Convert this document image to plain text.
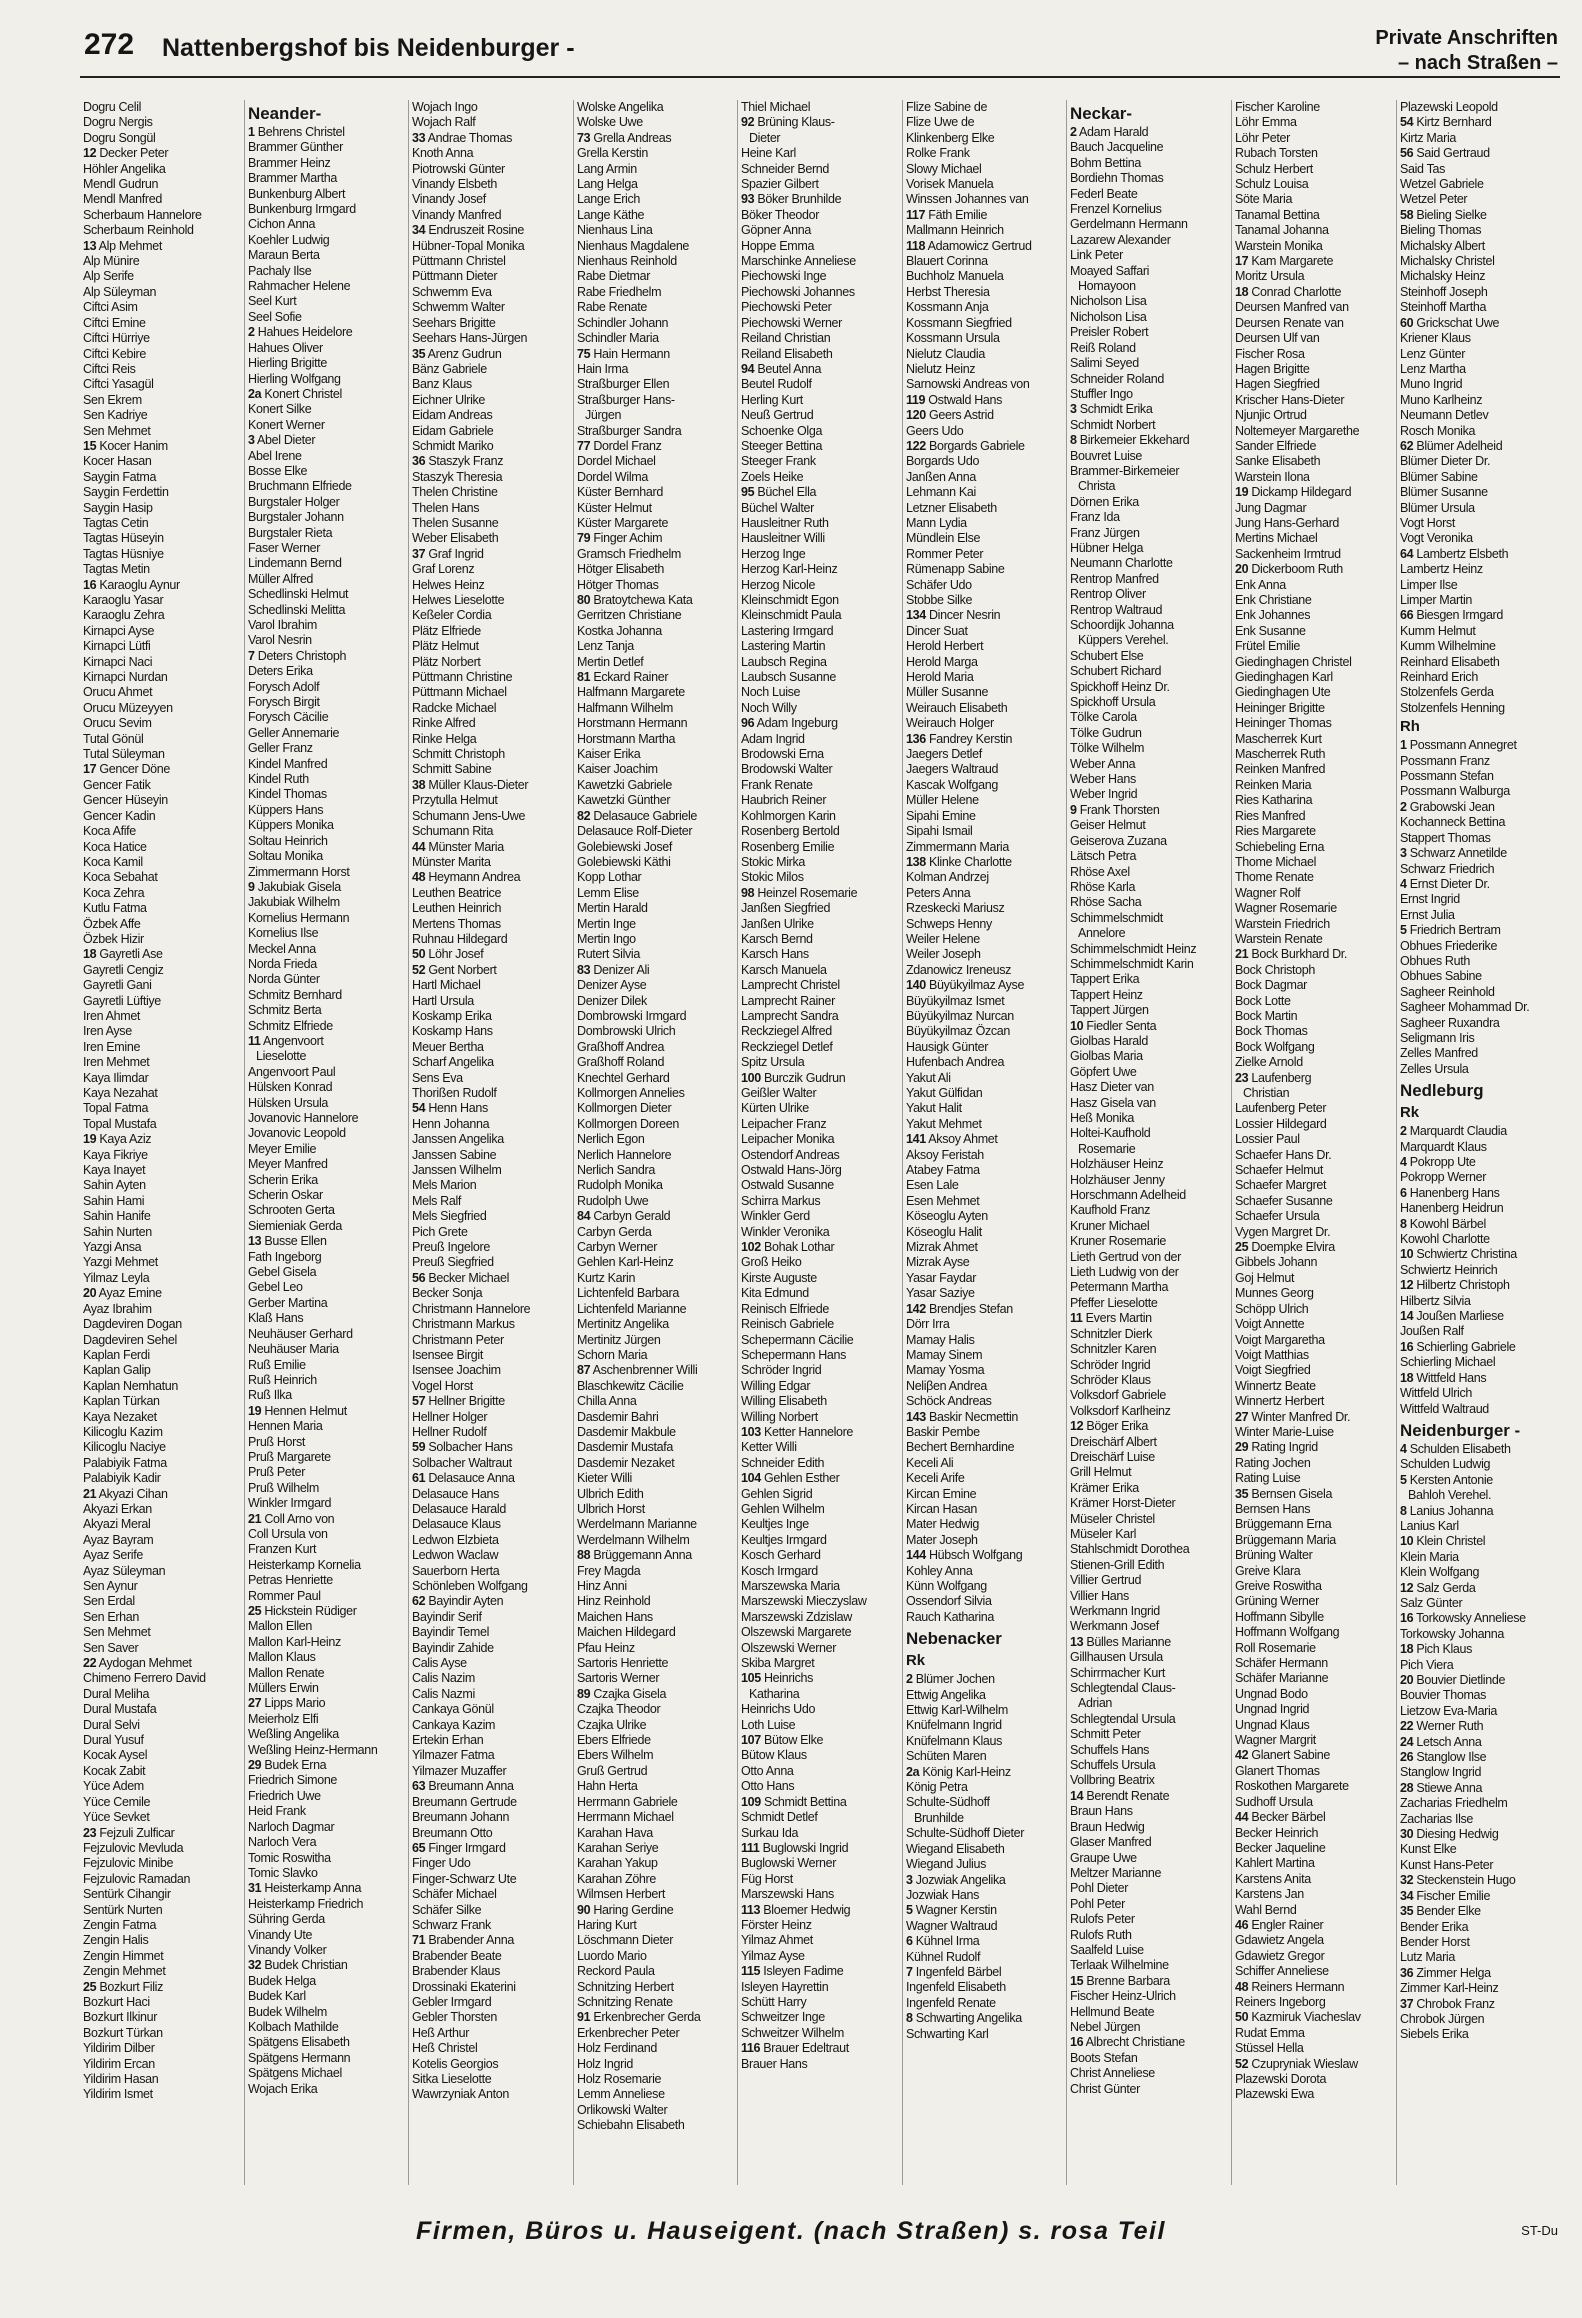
272 Nattenbergshof bis Neidenburger -	Private Anschriften
– nach Straßen –
Dogru Celil
Dogru Nergis
Dogru Songül
12 Decker Peter
Höhler Angelika
Mendl Gudrun
Mendl Manfred
Scherbaum Hannelore
Scherbaum Reinhold
13 Alp Mehmet
Alp Münire
Alp Serife
Alp Süleyman
Ciftci Asim
Ciftci Emine
Ciftci Hürriye
Ciftci Kebire
Ciftci Reis
Ciftci Yasagül
Sen Ekrem
Sen Kadriye
Sen Mehmet
15 Kocer Hanim
Kocer Hasan
Saygin Fatma
Saygin Ferdettin
Saygin Hasip
Tagtas Cetin
Tagtas Hüseyin
Tagtas Hüsniye
Tagtas Metin
16 Karaoglu Aynur
Karaoglu Yasar
Karaoglu Zehra
Kirnapci Ayse
Kirnapci Lütfi
Kirnapci Naci
Kirnapci Nurdan
Orucu Ahmet
Orucu Müzeyyen
Orucu Sevim
Tutal Gönül
Tutal Süleyman
17 Gencer Döne
Gencer Fatik
Gencer Hüseyin
Gencer Kadin
Koca Afife
Koca Hatice
Koca Kamil
Koca Sebahat
Koca Zehra
Kutlu Fatma
Özbek Affe
Özbek Hizir
18 Gayretli Ase
Gayretli Cengiz
Gayretli Gani
Gayretli Lüftiye
Iren Ahmet
Iren Ayse
Iren Emine
Iren Mehmet
Kaya Ilimdar
Kaya Nezahat
Topal Fatma
Topal Mustafa
19 Kaya Aziz
Kaya Fikriye
Kaya Inayet
Sahin Ayten
Sahin Hami
Sahin Hanife
Sahin Nurten
Yazgi Ansa
Yazgi Mehmet
Yilmaz Leyla
20 Ayaz Emine
Ayaz Ibrahim
Dagdeviren Dogan
Dagdeviren Sehel
Kaplan Ferdi
Kaplan Galip
Kaplan Nemhatun
Kaplan Türkan
Kaya Nezaket
Kilicoglu Kazim
Kilicoglu Naciye
Palabiyik Fatma
Palabiyik Kadir
21 Akyazi Cihan
Akyazi Erkan
Akyazi Meral
Ayaz Bayram
Ayaz Serife
Ayaz Süleyman
Sen Aynur
Sen Erdal
Sen Erhan
Sen Mehmet
Sen Saver
22 Aydogan Mehmet
Chimeno Ferrero David
Dural Meliha
Dural Mustafa
Dural Selvi
Dural Yusuf
Kocak Aysel
Kocak Zabit
Yüce Adem
Yüce Cemile
Yüce Sevket
23 Fejzuli Zulficar
Fejzulovic Mevluda
Fejzulovic Minibe
Fejzulovic Ramadan
Sentürk Cihangir
Sentürk Nurten
Zengin Fatma
Zengin Halis
Zengin Himmet
Zengin Mehmet
25 Bozkurt Filiz
Bozkurt Haci
Bozkurt Ilkinur
Bozkurt Türkan
Yildirim Dilber
Yildirim Ercan
Yildirim Hasan
Yildirim Ismet
Neander-
1 Behrens Christel
Brammer Günther
Brammer Heinz
Brammer Martha
Bunkenburg Albert
Bunkenburg Irmgard
Cichon Anna
Koehler Ludwig
Maraun Berta
Pachaly Ilse
Rahmacher Helene
Seel Kurt
Seel Sofie
2 Hahues Heidelore
Hahues Oliver
Hierling Brigitte
Hierling Wolfgang
2a Konert Christel
Konert Silke
Konert Werner
3 Abel Dieter
Abel Irene
Bosse Elke
Bruchmann Elfriede
Burgstaler Holger
Burgstaler Johann
Burgstaler Rieta
Faser Werner
Lindemann Bernd
Müller Alfred
Schedlinski Helmut
Schedlinski Melitta
Varol Ibrahim
Varol Nesrin
7 Deters Christoph
Deters Erika
Forysch Adolf
Forysch Birgit
Forysch Cäcilie
Geller Annemarie
Geller Franz
Kindel Manfred
Kindel Ruth
Kindel Thomas
Küppers Hans
Küppers Monika
Soltau Heinrich
Soltau Monika
Zimmermann Horst
9 Jakubiak Gisela
Jakubiak Wilhelm
Kornelius Hermann
Kornelius Ilse
Meckel Anna
Norda Frieda
Norda Günter
Schmitz Bernhard
Schmitz Berta
Schmitz Elfriede
11 Angenvoort
Lieselotte
Angenvoort Paul
Hülsken Konrad
Hülsken Ursula
Jovanovic Hannelore
Jovanovic Leopold
Meyer Emilie
Meyer Manfred
Scherin Erika
Scherin Oskar
Schrooten Gerta
Siemieniak Gerda
13 Busse Ellen
Fath Ingeborg
Gebel Gisela
Gebel Leo
Gerber Martina
Klaß Hans
Neuhäuser Gerhard
Neuhäuser Maria
Ruß Emilie
Ruß Heinrich
Ruß Ilka
19 Hennen Helmut
Hennen Maria
Pruß Horst
Pruß Margarete
Pruß Peter
Pruß Wilhelm
Winkler Irmgard
21 Coll Arno von
Coll Ursula von
Franzen Kurt
Heisterkamp Kornelia
Petras Henriette
Rommer Paul
25 Hickstein Rüdiger
Mallon Ellen
Mallon Karl-Heinz
Mallon Klaus
Mallon Renate
Müllers Erwin
27 Lipps Mario
Meierholz Elfi
Weßling Angelika
Weßling Heinz-Hermann
29 Budek Erna
Friedrich Simone
Friedrich Uwe
Heid Frank
Narloch Dagmar
Narloch Vera
Tomic Roswitha
Tomic Slavko
31 Heisterkamp Anna
Heisterkamp Friedrich
Sühring Gerda
Vinandy Ute
Vinandy Volker
32 Budek Christian
Budek Helga
Budek Karl
Budek Wilhelm
Kolbach Mathilde
Spätgens Elisabeth
Spätgens Hermann
Spätgens Michael
Wojach Erika
Wojach Ingo
Wojach Ralf
33 Andrae Thomas
Knoth Anna
Piotrowski Günter
Vinandy Elsbeth
Vinandy Josef
Vinandy Manfred
34 Endruszeit Rosine
Hübner-Topal Monika
Püttmann Christel
Püttmann Dieter
Schwemm Eva
Schwemm Walter
Seehars Brigitte
Seehars Hans-Jürgen
35 Arenz Gudrun
Bänz Gabriele
Banz Klaus
Eichner Ulrike
Eidam Andreas
Eidam Gabriele
Schmidt Mariko
36 Staszyk Franz
Staszyk Theresia
Thelen Christine
Thelen Hans
Thelen Susanne
Weber Elisabeth
37 Graf Ingrid
Graf Lorenz
Helwes Heinz
Helwes Lieselotte
Keßeler Cordia
Plätz Elfriede
Plätz Helmut
Plätz Norbert
Püttmann Christine
Püttmann Michael
Radcke Michael
Rinke Alfred
Rinke Helga
Schmitt Christoph
Schmitt Sabine
38 Müller Klaus-Dieter
Przytulla Helmut
Schumann Jens-Uwe
Schumann Rita
44 Münster Maria
Münster Marita
48 Heymann Andrea
Leuthen Beatrice
Leuthen Heinrich
Mertens Thomas
Ruhnau Hildegard
50 Löhr Josef
52 Gent Norbert
Hartl Michael
Hartl Ursula
Koskamp Erika
Koskamp Hans
Meuer Bertha
Scharf Angelika
Sens Eva
Thorißen Rudolf
54 Henn Hans
Henn Johanna
Janssen Angelika
Janssen Sabine
Janssen Wilhelm
Mels Marion
Mels Ralf
Mels Siegfried
Pich Grete
Preuß Ingelore
Preuß Siegfried
56 Becker Michael
Becker Sonja
Christmann Hannelore
Christmann Markus
Christmann Peter
Isensee Birgit
Isensee Joachim
Vogel Horst
57 Hellner Brigitte
Hellner Holger
Hellner Rudolf
59 Solbacher Hans
Solbacher Waltraut
61 Delasauce Anna
Delasauce Hans
Delasauce Harald
Delasauce Klaus
Ledwon Elzbieta
Ledwon Waclaw
Sauerborn Herta
Schönleben Wolfgang
62 Bayindir Ayten
Bayindir Serif
Bayindir Temel
Bayindir Zahide
Calis Ayse
Calis Nazim
Calis Nazmi
Cankaya Gönül
Cankaya Kazim
Ertekin Erhan
Yilmazer Fatma
Yilmazer Muzaffer
63 Breumann Anna
Breumann Gertrude
Breumann Johann
Breumann Otto
65 Finger Irmgard
Finger Udo
Finger-Schwarz Ute
Schäfer Michael
Schäfer Silke
Schwarz Frank
71 Brabender Anna
Brabender Beate
Brabender Klaus
Drossinaki Ekaterini
Gebler Irmgard
Gebler Thorsten
Heß Arthur
Heß Christel
Kotelis Georgios
Sitka Lieselotte
Wawrzyniak Anton
Wolske Angelika
Wolske Uwe
73 Grella Andreas
Grella Kerstin
Lang Armin
Lang Helga
Lange Erich
Lange Käthe
Nienhaus Lina
Nienhaus Magdalene
Nienhaus Reinhold
Rabe Dietmar
Rabe Friedhelm
Rabe Renate
Schindler Johann
Schindler Maria
75 Hain Hermann
Hain Irma
Straßburger Ellen
Straßburger Hans-
Jürgen
Straßburger Sandra
77 Dordel Franz
Dordel Michael
Dordel Wilma
Küster Bernhard
Küster Helmut
Küster Margarete
79 Finger Achim
Gramsch Friedhelm
Hötger Elisabeth
Hötger Thomas
80 Bratoytchewa Kata
Gerritzen Christiane
Kostka Johanna
Lenz Tanja
Mertin Detlef
81 Eckard Rainer
Halfmann Margarete
Halfmann Wilhelm
Horstmann Hermann
Horstmann Martha
Kaiser Erika
Kaiser Joachim
Kawetzki Gabriele
Kawetzki Günther
82 Delasauce Gabriele
Delasauce Rolf-Dieter
Golebiewski Josef
Golebiewski Käthi
Kopp Lothar
Lemm Elise
Mertin Harald
Mertin Inge
Mertin Ingo
Rutert Silvia
83 Denizer Ali
Denizer Ayse
Denizer Dilek
Dombrowski Irmgard
Dombrowski Ulrich
Graßhoff Andrea
Graßhoff Roland
Knechtel Gerhard
Kollmorgen Annelies
Kollmorgen Dieter
Kollmorgen Doreen
Nerlich Egon
Nerlich Hannelore
Nerlich Sandra
Rudolph Monika
Rudolph Uwe
84 Carbyn Gerald
Carbyn Gerda
Carbyn Werner
Gehlen Karl-Heinz
Kurtz Karin
Lichtenfeld Barbara
Lichtenfeld Marianne
Mertinitz Angelika
Mertinitz Jürgen
Schorn Maria
87 Aschenbrenner Willi
Blaschkewitz Cäcilie
Chilla Anna
Dasdemir Bahri
Dasdemir Makbule
Dasdemir Mustafa
Dasdemir Nezaket
Kieter Willi
Ulbrich Edith
Ulbrich Horst
Werdelmann Marianne
Werdelmann Wilhelm
88 Brüggemann Anna
Frey Magda
Hinz Anni
Hinz Reinhold
Maichen Hans
Maichen Hildegard
Pfau Heinz
Sartoris Henriette
Sartoris Werner
89 Czajka Gisela
Czajka Theodor
Czajka Ulrike
Ebers Elfriede
Ebers Wilhelm
Gruß Gertrud
Hahn Herta
Herrmann Gabriele
Herrmann Michael
Karahan Hava
Karahan Seriye
Karahan Yakup
Karahan Zöhre
Wilmsen Herbert
90 Haring Gerdine
Haring Kurt
Löschmann Dieter
Luordo Mario
Reckord Paula
Schnitzing Herbert
Schnitzing Renate
91 Erkenbrecher Gerda
Erkenbrecher Peter
Holz Ferdinand
Holz Ingrid
Holz Rosemarie
Lemm Anneliese
Orlikowski Walter
Schiebahn Elisabeth
Thiel Michael
92 Brüning Klaus-
Dieter
Heine Karl
Schneider Bernd
Spazier Gilbert
93 Böker Brunhilde
Böker Theodor
Göpner Anna
Hoppe Emma
Marschinke Anneliese
Piechowski Inge
Piechowski Johannes
Piechowski Peter
Piechowski Werner
Reiland Christian
Reiland Elisabeth
94 Beutel Anna
Beutel Rudolf
Herling Kurt
Neuß Gertrud
Schoenke Olga
Steeger Bettina
Steeger Frank
Zoels Heike
95 Büchel Ella
Büchel Walter
Hausleitner Ruth
Hausleitner Willi
Herzog Inge
Herzog Karl-Heinz
Herzog Nicole
Kleinschmidt Egon
Kleinschmidt Paula
Lastering Irmgard
Lastering Martin
Laubsch Regina
Laubsch Susanne
Noch Luise
Noch Willy
96 Adam Ingeburg
Adam Ingrid
Brodowski Erna
Brodowski Walter
Frank Renate
Haubrich Reiner
Kohlmorgen Karin
Rosenberg Bertold
Rosenberg Emilie
Stokic Mirka
Stokic Milos
98 Heinzel Rosemarie
Janßen Siegfried
Janßen Ulrike
Karsch Bernd
Karsch Hans
Karsch Manuela
Lamprecht Christel
Lamprecht Rainer
Lamprecht Sandra
Reckziegel Alfred
Reckziegel Detlef
Spitz Ursula
100 Burczik Gudrun
Geißler Walter
Kürten Ulrike
Leipacher Franz
Leipacher Monika
Ostendorf Andreas
Ostwald Hans-Jörg
Ostwald Susanne
Schirra Markus
Winkler Gerd
Winkler Veronika
102 Bohak Lothar
Groß Heiko
Kirste Auguste
Kita Edmund
Reinisch Elfriede
Reinisch Gabriele
Schepermann Cäcilie
Schepermann Hans
Schröder Ingrid
Willing Edgar
Willing Elisabeth
Willing Norbert
103 Ketter Hannelore
Ketter Willi
Schneider Edith
104 Gehlen Esther
Gehlen Sigrid
Gehlen Wilhelm
Keultjes Inge
Keultjes Irmgard
Kosch Gerhard
Kosch Irmgard
Marszewska Maria
Marszewski Mieczyslaw
Marszewski Zdzislaw
Olszewski Margarete
Olszewski Werner
Skiba Margret
105 Heinrichs
Katharina
Heinrichs Udo
Loth Luise
107 Bütow Elke
Bütow Klaus
Otto Anna
Otto Hans
109 Schmidt Bettina
Schmidt Detlef
Surkau Ida
111 Buglowski Ingrid
Buglowski Werner
Füg Horst
Marszewski Hans
113 Bloemer Hedwig
Förster Heinz
Yilmaz Ahmet
Yilmaz Ayse
115 Isleyen Fadime
Isleyen Hayrettin
Schütt Harry
Schweitzer Inge
Schweitzer Wilhelm
116 Brauer Edeltraut
Brauer Hans
Flize Sabine de
Flize Uwe de
Klinkenberg Elke
Rolke Frank
Slowy Michael
Vorisek Manuela
Winssen Johannes van
117 Fäth Emilie
Mallmann Heinrich
118 Adamowicz Gertrud
Blauert Corinna
Buchholz Manuela
Herbst Theresia
Kossmann Anja
Kossmann Siegfried
Kossmann Ursula
Nielutz Claudia
Nielutz Heinz
Sarnowski Andreas von
119 Ostwald Hans
120 Geers Astrid
Geers Udo
122 Borgards Gabriele
Borgards Udo
Janßen Anna
Lehmann Kai
Letzner Elisabeth
Mann Lydia
Mündlein Else
Rommer Peter
Rümenapp Sabine
Schäfer Udo
Stobbe Silke
134 Dincer Nesrin
Dincer Suat
Herold Herbert
Herold Marga
Herold Maria
Müller Susanne
Weirauch Elisabeth
Weirauch Holger
136 Fandrey Kerstin
Jaegers Detlef
Jaegers Waltraud
Kascak Wolfgang
Müller Helene
Sipahi Emine
Sipahi Ismail
Zimmermann Maria
138 Klinke Charlotte
Kolman Andrzej
Peters Anna
Rzeskecki Mariusz
Schweps Henny
Weiler Helene
Weiler Joseph
Zdanowicz Ireneusz
140 Büyükyilmaz Ayse
Büyükyilmaz Ismet
Büyükyilmaz Nurcan
Büyükyilmaz Özcan
Hausigk Günter
Hufenbach Andrea
Yakut Ali
Yakut Gülfidan
Yakut Halit
Yakut Mehmet
141 Aksoy Ahmet
Aksoy Feristah
Atabey Fatma
Esen Lale
Esen Mehmet
Köseoglu Ayten
Köseoglu Halit
Mizrak Ahmet
Mizrak Ayse
Yasar Faydar
Yasar Saziye
142 Brendjes Stefan
Dörr Irra
Mamay Halis
Mamay Sinem
Mamay Yosma
Neliβen Andrea
Schöck Andreas
143 Baskir Necmettin
Baskir Pembe
Bechert Bernhardine
Keceli Ali
Keceli Arife
Kircan Emine
Kircan Hasan
Mater Hedwig
Mater Joseph
144 Hübsch Wolfgang
Kohley Anna
Künn Wolfgang
Ossendorf Silvia
Rauch Katharina
Nebenacker
Rk
2 Blümer Jochen
Ettwig Angelika
Ettwig Karl-Wilhelm
Knüfelmann Ingrid
Knüfelmann Klaus
Schüten Maren
2a König Karl-Heinz
König Petra
Schulte-Südhoff
Brunhilde
Schulte-Südhoff Dieter
Wiegand Elisabeth
Wiegand Julius
3 Jozwiak Angelika
Jozwiak Hans
5 Wagner Kerstin
Wagner Waltraud
6 Kühnel Irma
Kühnel Rudolf
7 Ingenfeld Bärbel
Ingenfeld Elisabeth
Ingenfeld Renate
8 Schwarting Angelika
Schwarting Karl
Neckar-
2 Adam Harald
Bauch Jacqueline
Bohm Bettina
Bordiehn Thomas
Federl Beate
Frenzel Kornelius
Gerdelmann Hermann
Lazarew Alexander
Link Peter
Moayed Saffari
Homayoon
Nicholson Lisa
Nicholson Lisa
Preisler Robert
Reiß Roland
Salimi Seyed
Schneider Roland
Stuffler Ingo
3 Schmidt Erika
Schmidt Norbert
8 Birkemeier Ekkehard
Bouvret Luise
Brammer-Birkemeier
Christa
Dörnen Erika
Franz Ida
Franz Jürgen
Hübner Helga
Neumann Charlotte
Rentrop Manfred
Rentrop Oliver
Rentrop Waltraud
Schoordijk Johanna
Küppers Verehel.
Schubert Else
Schubert Richard
Spickhoff Heinz Dr.
Spickhoff Ursula
Tölke Carola
Tölke Gudrun
Tölke Wilhelm
Weber Anna
Weber Hans
Weber Ingrid
9 Frank Thorsten
Geiser Helmut
Geiserova Zuzana
Lätsch Petra
Rhöse Axel
Rhöse Karla
Rhöse Sacha
Schimmelschmidt
Annelore
Schimmelschmidt Heinz
Schimmelschmidt Karin
Tappert Erika
Tappert Heinz
Tappert Jürgen
10 Fiedler Senta
Giolbas Harald
Giolbas Maria
Göpfert Uwe
Hasz Dieter van
Hasz Gisela van
Heß Monika
Holtei-Kaufhold
Rosemarie
Holzhäuser Heinz
Holzhäuser Jenny
Horschmann Adelheid
Kaufhold Franz
Kruner Michael
Kruner Rosemarie
Lieth Gertrud von der
Lieth Ludwig von der
Petermann Martha
Pfeffer Lieselotte
11 Evers Martin
Schnitzler Dierk
Schnitzler Karen
Schröder Ingrid
Schröder Klaus
Volksdorf Gabriele
Volksdorf Karlheinz
12 Böger Erika
Dreischärf Albert
Dreischärf Luise
Grill Helmut
Krämer Erika
Krämer Horst-Dieter
Müseler Christel
Müseler Karl
Stahlschmidt Dorothea
Stienen-Grill Edith
Villier Gertrud
Villier Hans
Werkmann Ingrid
Werkmann Josef
13 Bülles Marianne
Gillhausen Ursula
Schirrmacher Kurt
Schlegtendal Claus-
Adrian
Schlegtendal Ursula
Schmitt Peter
Schuffels Hans
Schuffels Ursula
Vollbring Beatrix
14 Berendt Renate
Braun Hans
Braun Hedwig
Glaser Manfred
Graupe Uwe
Meltzer Marianne
Pohl Dieter
Pohl Peter
Rulofs Peter
Rulofs Ruth
Saalfeld Luise
Terlaak Wilhelmine
15 Brenne Barbara
Fischer Heinz-Ulrich
Hellmund Beate
Nebel Jürgen
16 Albrecht Christiane
Boots Stefan
Christ Anneliese
Christ Günter
Fischer Karoline
Löhr Emma
Löhr Peter
Rubach Torsten
Schulz Herbert
Schulz Louisa
Söte Maria
Tanamal Bettina
Tanamal Johanna
Warstein Monika
17 Kam Margarete
Moritz Ursula
18 Conrad Charlotte
Deursen Manfred van
Deursen Renate van
Deursen Ulf van
Fischer Rosa
Hagen Brigitte
Hagen Siegfried
Krischer Hans-Dieter
Njunjic Ortrud
Noltemeyer Margarethe
Sander Elfriede
Sanke Elisabeth
Warstein Ilona
19 Dickamp Hildegard
Jung Dagmar
Jung Hans-Gerhard
Mertins Michael
Sackenheim Irmtrud
20 Dickerboom Ruth
Enk Anna
Enk Christiane
Enk Johannes
Enk Susanne
Frütel Emilie
Giedinghagen Christel
Giedinghagen Karl
Giedinghagen Ute
Heininger Brigitte
Heininger Thomas
Mascherrek Kurt
Mascherrek Ruth
Reinken Manfred
Reinken Maria
Ries Katharina
Ries Manfred
Ries Margarete
Schiebeling Erna
Thome Michael
Thome Renate
Wagner Rolf
Wagner Rosemarie
Warstein Friedrich
Warstein Renate
21 Bock Burkhard Dr.
Bock Christoph
Bock Dagmar
Bock Lotte
Bock Martin
Bock Thomas
Bock Wolfgang
Zielke Arnold
23 Laufenberg
Christian
Laufenberg Peter
Lossier Hildegard
Lossier Paul
Schaefer Hans Dr.
Schaefer Helmut
Schaefer Margret
Schaefer Susanne
Schaefer Ursula
Vygen Margret Dr.
25 Doempke Elvira
Gibbels Johann
Goj Helmut
Munnes Georg
Schöpp Ulrich
Voigt Annette
Voigt Margaretha
Voigt Matthias
Voigt Siegfried
Winnertz Beate
Winnertz Herbert
27 Winter Manfred Dr.
Winter Marie-Luise
29 Rating Ingrid
Rating Jochen
Rating Luise
35 Bernsen Gisela
Bernsen Hans
Brüggemann Erna
Brüggemann Maria
Brüning Walter
Greive Klara
Greive Roswitha
Grüning Werner
Hoffmann Sibylle
Hoffmann Wolfgang
Roll Rosemarie
Schäfer Hermann
Schäfer Marianne
Ungnad Bodo
Ungnad Ingrid
Ungnad Klaus
Wagner Margrit
42 Glanert Sabine
Glanert Thomas
Roskothen Margarete
Sudhoff Ursula
44 Becker Bärbel
Becker Heinrich
Becker Jaqueline
Kahlert Martina
Karstens Anita
Karstens Jan
Wahl Bernd
46 Engler Rainer
Gdawietz Angela
Gdawietz Gregor
Schiffer Anneliese
48 Reiners Hermann
Reiners Ingeborg
50 Kazmiruk Viacheslav
Rudat Emma
Stüssel Hella
52 Czupryniak Wieslaw
Plazewski Dorota
Plazewski Ewa
Plazewski Leopold
54 Kirtz Bernhard
Kirtz Maria
56 Said Gertraud
Said Tas
Wetzel Gabriele
Wetzel Peter
58 Bieling Sielke
Bieling Thomas
Michalsky Albert
Michalsky Christel
Michalsky Heinz
Steinhoff Joseph
Steinhoff Martha
60 Grickschat Uwe
Kriener Klaus
Lenz Günter
Lenz Martha
Muno Ingrid
Muno Karlheinz
Neumann Detlev
Rosch Monika
62 Blümer Adelheid
Blümer Dieter Dr.
Blümer Sabine
Blümer Susanne
Blümer Ursula
Vogt Horst
Vogt Veronika
64 Lambertz Elsbeth
Lambertz Heinz
Limper Ilse
Limper Martin
66 Biesgen Irmgard
Kumm Helmut
Kumm Wilhelmine
Reinhard Elisabeth
Reinhard Erich
Stolzenfels Gerda
Stolzenfels Henning
Rh
1 Possmann Annegret
Possmann Franz
Possmann Stefan
Possmann Walburga
2 Grabowski Jean
Kochanneck Bettina
Stappert Thomas
3 Schwarz Annetilde
Schwarz Friedrich
4 Ernst Dieter Dr.
Ernst Ingrid
Ernst Julia
5 Friedrich Bertram
Obhues Friederike
Obhues Ruth
Obhues Sabine
Sagheer Reinhold
Sagheer Mohammad Dr.
Sagheer Ruxandra
Seligmann Iris
Zelles Manfred
Zelles Ursula
Nedleburg
Rk
2 Marquardt Claudia
Marquardt Klaus
4 Pokropp Ute
Pokropp Werner
6 Hanenberg Hans
Hanenberg Heidrun
8 Kowohl Bärbel
Kowohl Charlotte
10 Schwiertz Christina
Schwiertz Heinrich
12 Hilbertz Christoph
Hilbertz Silvia
14 Joußen Marliese
Joußen Ralf
16 Schierling Gabriele
Schierling Michael
18 Wittfeld Hans
Wittfeld Ulrich
Wittfeld Waltraud
Neidenburger -
4 Schulden Elisabeth
Schulden Ludwig
5 Kersten Antonie
Bahloh Verehel.
8 Lanius Johanna
Lanius Karl
10 Klein Christel
Klein Maria
Klein Wolfgang
12 Salz Gerda
Salz Günter
16 Torkowsky Anneliese
Torkowsky Johanna
18 Pich Klaus
Pich Viera
20 Bouvier Dietlinde
Bouvier Thomas
Lietzow Eva-Maria
22 Werner Ruth
24 Letsch Anna
26 Stanglow Ilse
Stanglow Ingrid
28 Stiewe Anna
Zacharias Friedhelm
Zacharias Ilse
30 Diesing Hedwig
Kunst Elke
Kunst Hans-Peter
32 Steckenstein Hugo
34 Fischer Emilie
35 Bender Elke
Bender Erika
Bender Horst
Lutz Maria
36 Zimmer Helga
Zimmer Karl-Heinz
37 Chrobok Franz
Chrobok Jürgen
Siebels Erika
Firmen, Büros u. Hauseigent. (nach Straßen) s. rosa Teil	ST-Du
